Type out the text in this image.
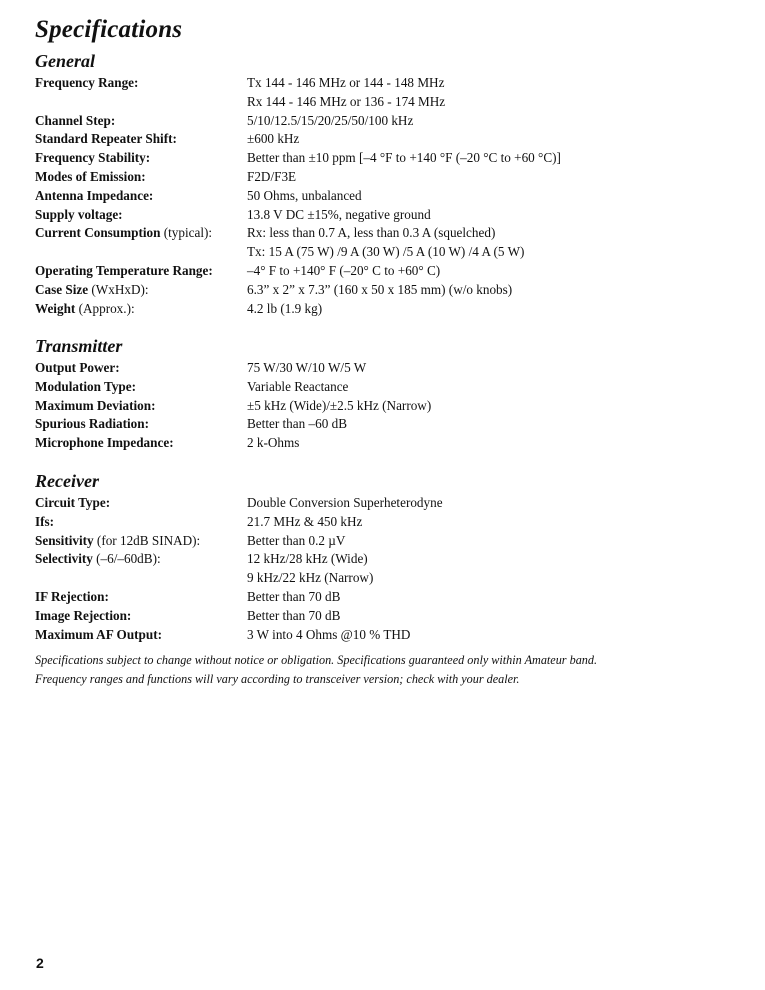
Specifications
General
Frequency Range:	Tx 144 - 146 MHz or 144 - 148 MHz
Rx 144 - 146 MHz or 136 - 174 MHz
Channel Step:	5/10/12.5/15/20/25/50/100 kHz
Standard Repeater Shift:	±600 kHz
Frequency Stability:	Better than ±10 ppm [–4 °F to +140 °F (–20 °C to +60 °C)]
Modes of Emission:	F2D/F3E
Antenna Impedance:	50 Ohms, unbalanced
Supply voltage:	13.8 V DC ±15%, negative ground
Current Consumption (typical):	Rx: less than 0.7 A, less than 0.3 A (squelched)
Tx: 15 A (75 W) /9 A (30 W) /5 A (10 W) /4 A (5 W)
Operating Temperature Range:	–4° F to +140° F (–20° C to +60° C)
Case Size (WxHxD):	6.3” x 2” x 7.3” (160 x 50 x 185 mm) (w/o knobs)
Weight (Approx.):	4.2 lb (1.9 kg)
Transmitter
Output Power:	75 W/30 W/10 W/5 W
Modulation Type:	Variable Reactance
Maximum Deviation:	±5 kHz (Wide)/±2.5 kHz (Narrow)
Spurious Radiation:	Better than –60 dB
Microphone Impedance:	2 k-Ohms
Receiver
Circuit Type:	Double Conversion Superheterodyne
Ifs:	21.7 MHz & 450 kHz
Sensitivity (for 12dB SINAD):	Better than 0.2 µV
Selectivity (–6/–60dB):	12 kHz/28 kHz (Wide)
9 kHz/22 kHz (Narrow)
IF Rejection:	Better than 70 dB
Image Rejection:	Better than 70 dB
Maximum AF Output:	3 W into 4 Ohms @10 % THD
Specifications subject to change without notice or obligation. Specifications guaranteed only within Amateur band.
Frequency ranges and functions will vary according to transceiver version; check with your dealer.
2
